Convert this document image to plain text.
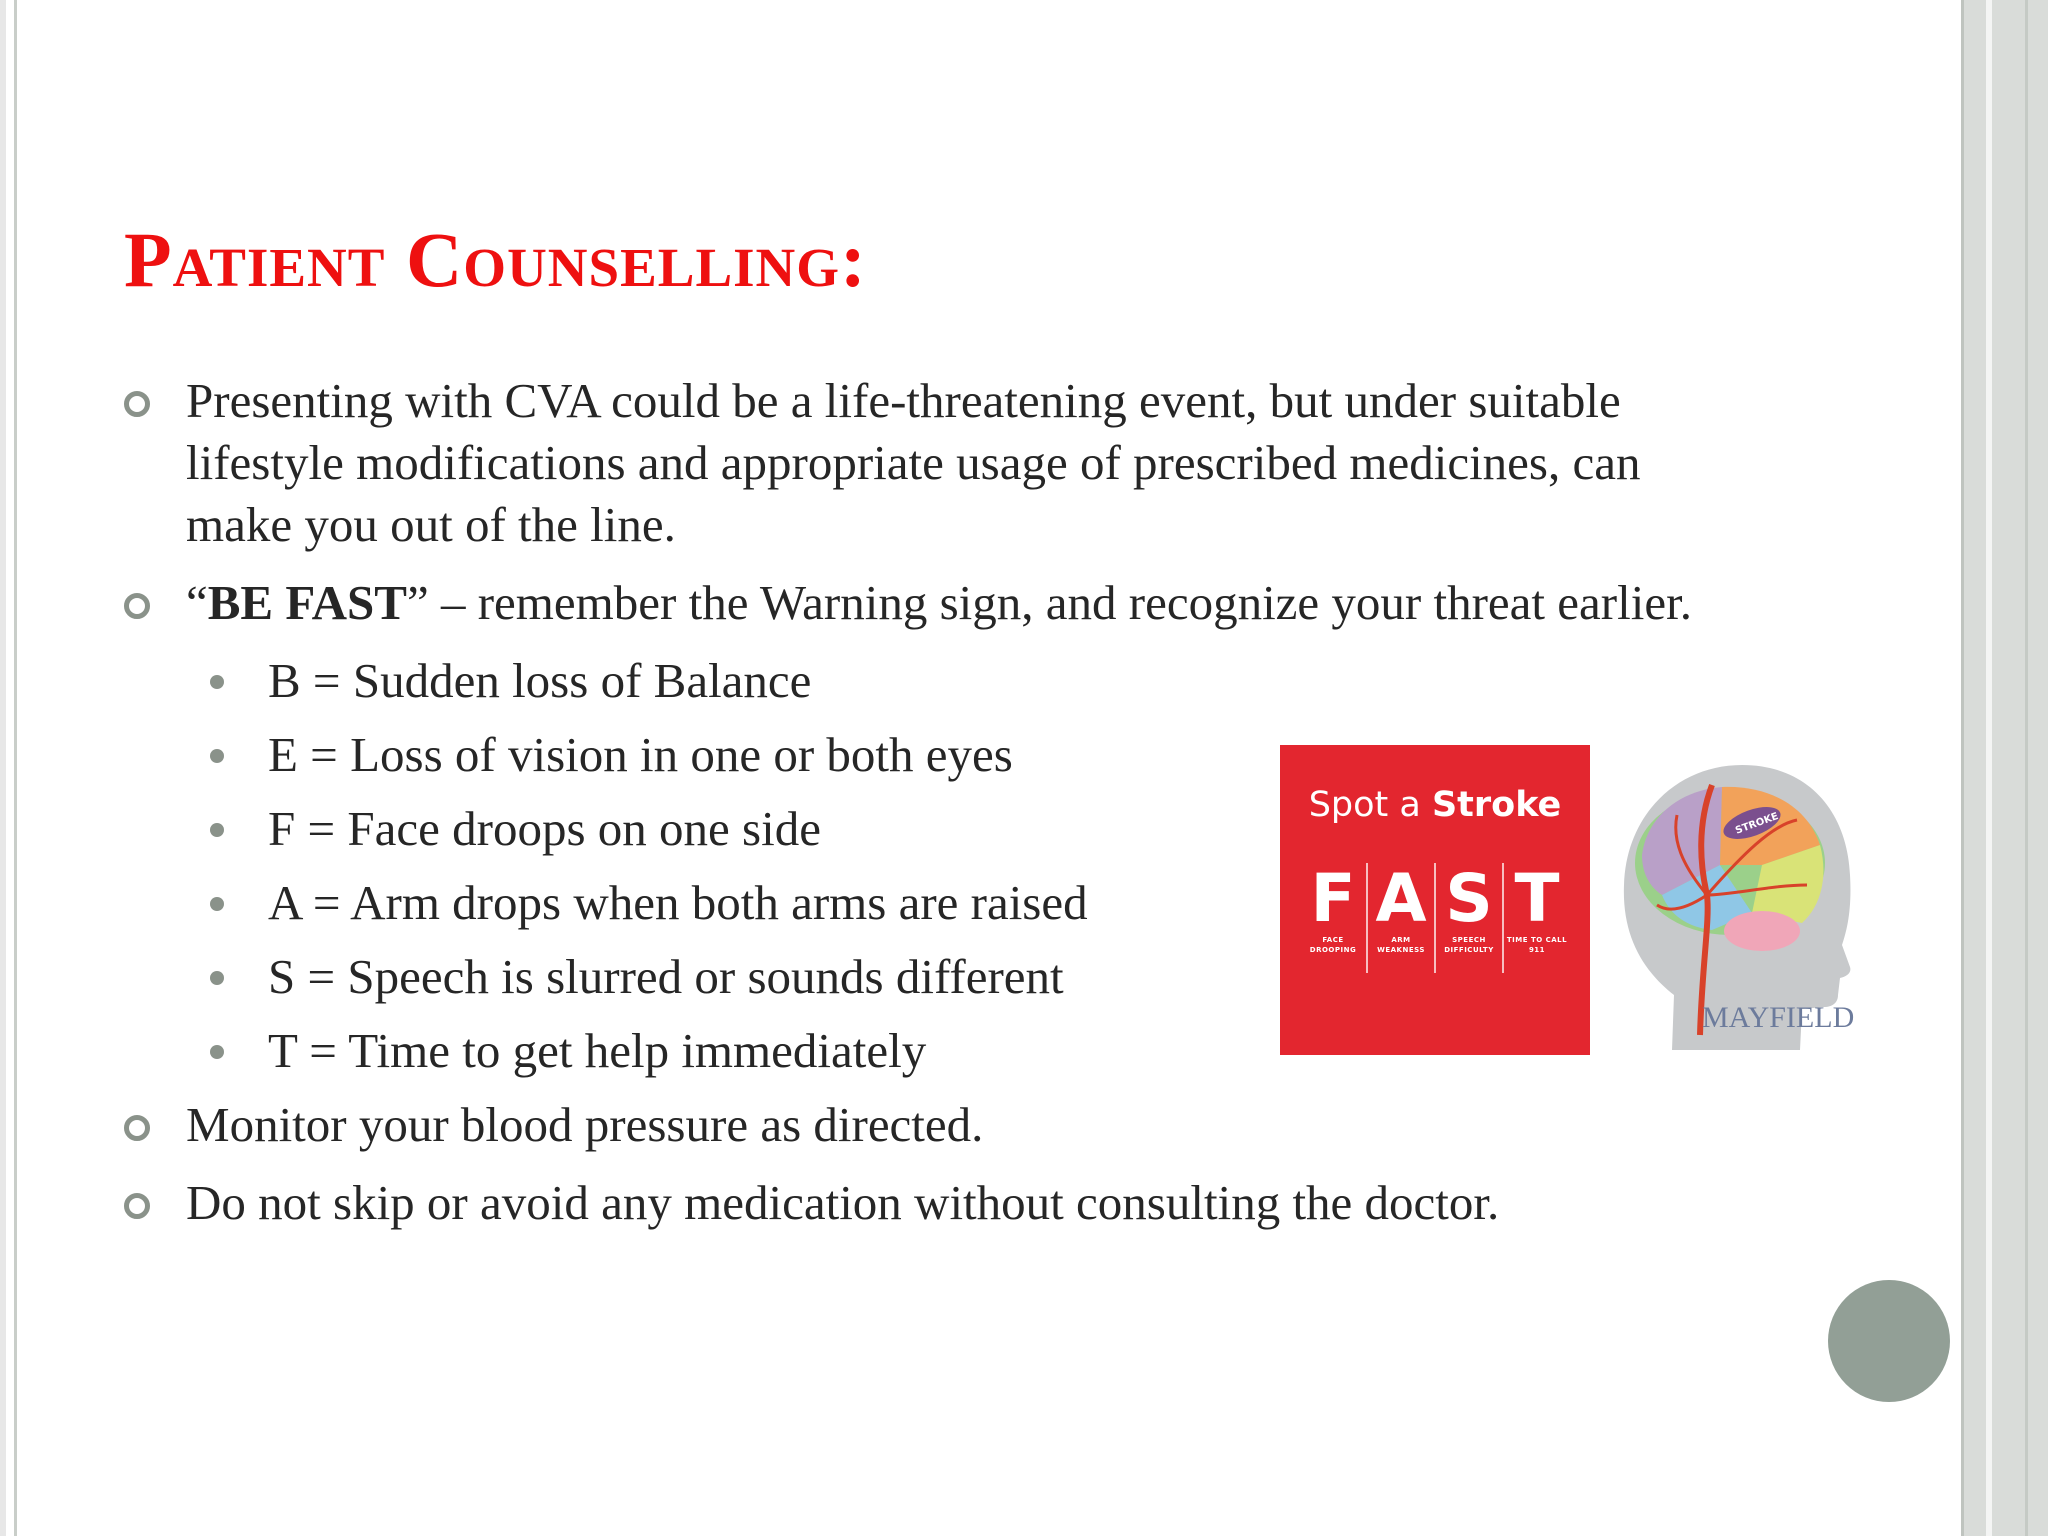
Patient Counselling:
Presenting with CVA could be a life-threatening event, but under suitable lifestyle modifications and appropriate usage of prescribed medicines, can make you out of the line.
“BE FAST” – remember the Warning sign, and recognize your threat earlier.
B = Sudden loss of Balance
E = Loss of vision in one or both eyes
F = Face droops on one side
A = Arm drops when both arms are raised
S = Speech is slurred or sounds different
T = Time to get help immediately
Monitor your blood pressure as directed.
Do not skip or avoid any medication without consulting the doctor.
Spot a Stroke
F
FACE DROOPING
A
ARM WEAKNESS
S
SPEECH DIFFICULTY
T
TIME TO CALL 911
STROKE
MAYFIELD
